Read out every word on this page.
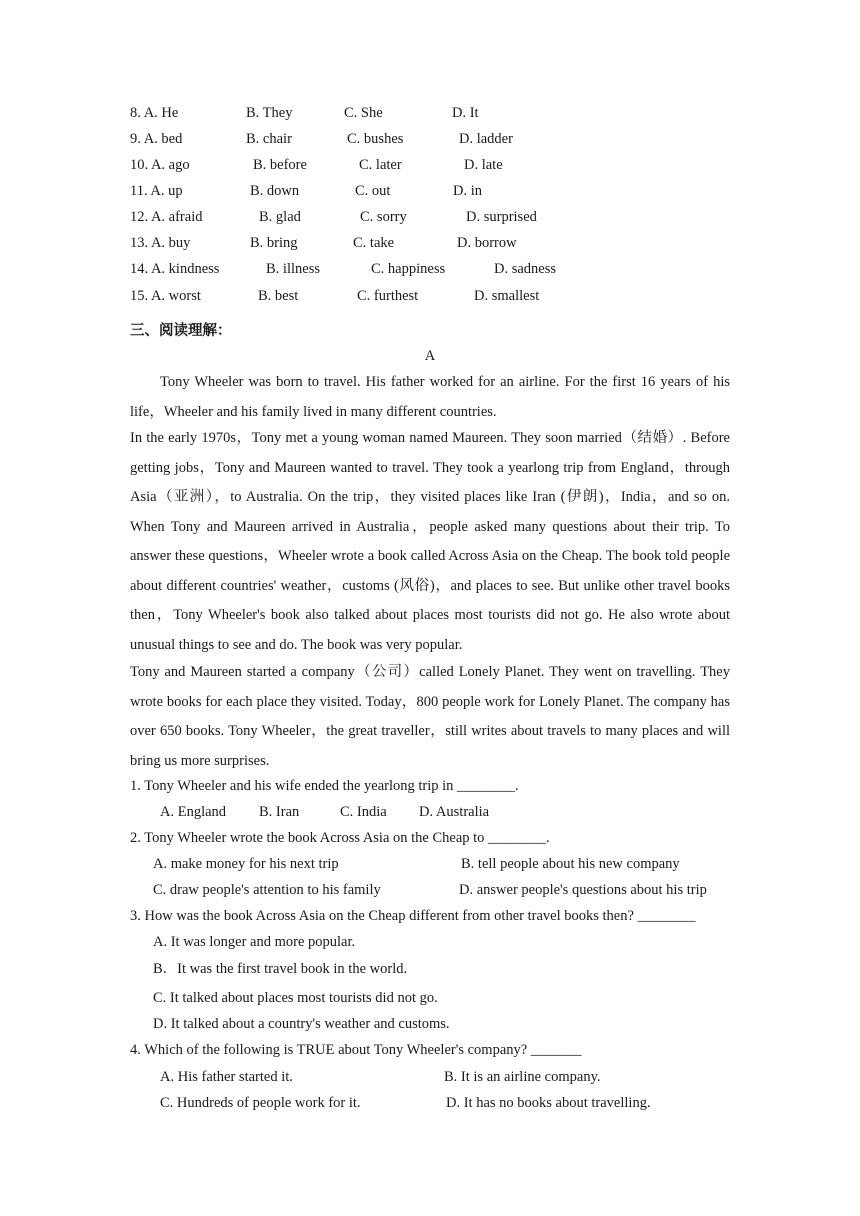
8. A. He	B. They	C. She	D. It
9. A. bed	B. chair	C. bushes	D. ladder
10. A. ago	B. before	C. later	D. late
11. A. up	B. down	C. out	D. in
12. A. afraid	B. glad	C. sorry	D. surprised
13. A. buy	B. bring	C. take	D. borrow
14. A. kindness	B. illness	C. happiness	D. sadness
15. A. worst	B. best	C. furthest	D. smallest
三、阅读理解：
A
Tony Wheeler was born to travel. His father worked for an airline. For the first 16 years of his life，Wheeler and his family lived in many different countries.
In the early 1970s，Tony met a young woman named Maureen. They soon married（结婚）. Before getting jobs，Tony and Maureen wanted to travel. They took a yearlong trip from England，through Asia（亚洲），to Australia. On the trip，they visited places like Iran (伊朗)，India，and so on. When Tony and Maureen arrived in Australia，people asked many questions about their trip. To answer these questions，Wheeler wrote a book called Across Asia on the Cheap. The book told people about different countries' weather，customs (风俗)，and places to see. But unlike other travel books then，Tony Wheeler's book also talked about places most tourists did not go. He also wrote about unusual things to see and do. The book was very popular.
Tony and Maureen started a company（公司）called Lonely Planet. They went on travelling. They wrote books for each place they visited. Today，800 people work for Lonely Planet. The company has over 650 books. Tony Wheeler，the great traveller，still writes about travels to many places and will bring us more surprises.
1. Tony Wheeler and his wife ended the yearlong trip in ________.
A. England B. Iran	C. India D. Australia
2. Tony Wheeler wrote the book Across Asia on the Cheap to ________.
A. make money for his next trip	B. tell people about his new company
C. draw people's attention to his family	D. answer people's questions about his trip
3. How was the book Across Asia on the Cheap different from other travel books then? ________
A. It was longer and more popular.
B．It was the first travel book in the world.
C. It talked about places most tourists did not go.
D. It talked about a country's weather and customs.
4. Which of the following is TRUE about Tony Wheeler's company? _______
A. His father started it.	B. It is an airline company.
C. Hundreds of people work for it.	D. It has no books about travelling.
